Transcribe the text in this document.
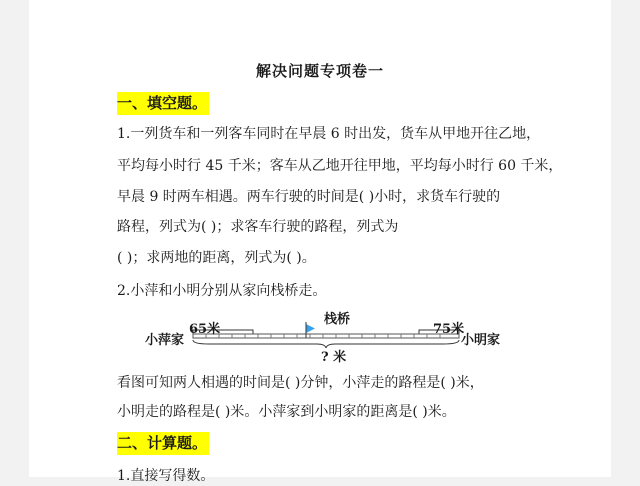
解决问题专项卷一
一、填空题。
1.一列货车和一列客车同时在早晨 6 时出发，货车从甲地开往乙地，
平均每小时行 45 千米；客车从乙地开往甲地，平均每小时行 60 千米，
早晨 9 时两车相遇。两车行驶的时间是( )小时，求货车行驶的
路程，列式为( )；求客车行驶的路程，列式为
( )；求两地的距离，列式为( )。
2.小萍和小明分别从家向栈桥走。
65米	75米
栈桥
小萍家	小明家
? 米
看图可知两人相遇的时间是( )分钟，小萍走的路程是( )米，
小明走的路程是( )米。小萍家到小明家的距离是( )米。
二、计算题。
1.直接写得数。
